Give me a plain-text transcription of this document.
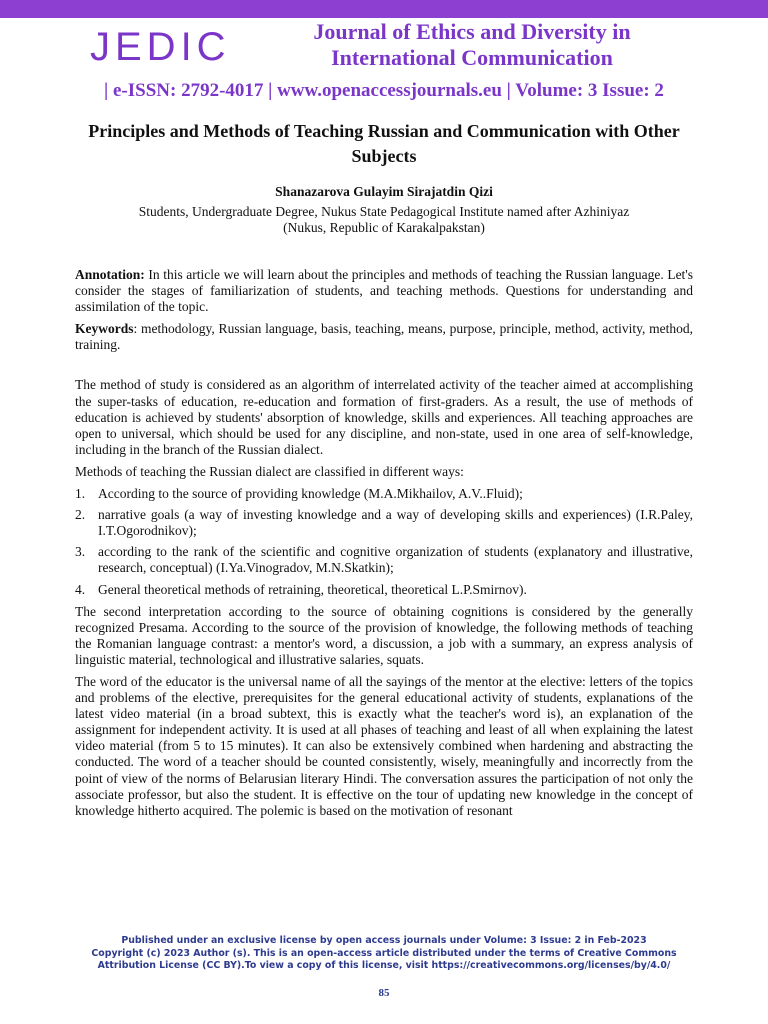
JEDIC	Journal of Ethics and Diversity in International Communication
| e-ISSN: 2792-4017 | www.openaccessjournals.eu | Volume: 3 Issue: 2
Principles and Methods of Teaching Russian and Communication with Other Subjects
Shanazarova Gulayim Sirajatdin Qizi
Students, Undergraduate Degree, Nukus State Pedagogical Institute named after Azhiniyaz
(Nukus, Republic of Karakalpakstan)

Annotation: In this article we will learn about the principles and methods of teaching the Russian language. Let's consider the stages of familiarization of students, and teaching methods. Questions for understanding and assimilation of the topic.

Keywords: methodology, Russian language, basis, teaching, means, purpose, principle, method, activity, method, training.

The method of study is considered as an algorithm of interrelated activity of the teacher aimed at accomplishing the super-tasks of education, re-education and formation of first-graders. As a result, the use of methods of education is achieved by students' absorption of knowledge, skills and experiences. All teaching approaches are open to universal, which should be used for any discipline, and non-state, used in one area of self-knowledge, including in the branch of the Russian dialect.

Methods of teaching the Russian dialect are classified in different ways:

1. According to the source of providing knowledge (M.A.Mikhailov, A.V..Fluid);
2. narrative goals (a way of investing knowledge and a way of developing skills and experiences) (I.R.Paley, I.T.Ogorodnikov);
3. according to the rank of the scientific and cognitive organization of students (explanatory and illustrative, research, conceptual) (I.Ya.Vinogradov, M.N.Skatkin);
4. General theoretical methods of retraining, theoretical, theoretical L.P.Smirnov).

The second interpretation according to the source of obtaining cognitions is considered by the generally recognized Presama. According to the source of the provision of knowledge, the following methods of teaching the Romanian language contrast: a mentor's word, a discussion, a job with a summary, an express analysis of linguistic material, technological and illustrative salaries, squats.

The word of the educator is the universal name of all the sayings of the mentor at the elective: letters of the topics and problems of the elective, prerequisites for the general educational activity of students, explanations of the latest video material (in a broad subtext, this is exactly what the teacher's word is), an explanation of the assignment for independent activity. It is used at all phases of teaching and least of all when explaining the latest video material (from 5 to 15 minutes). It can also be extensively combined when hardening and abstracting the conducted. The word of a teacher should be counted consistently, wisely, meaningfully and incorrectly from the point of view of the norms of Belarusian literary Hindi. The conversation assures the participation of not only the associate professor, but also the student. It is effective on the tour of updating new knowledge in the concept of knowledge hitherto acquired. The polemic is based on the motivation of resonant

Published under an exclusive license by open access journals under Volume: 3 Issue: 2 in Feb-2023
Copyright (c) 2023 Author (s). This is an open-access article distributed under the terms of Creative Commons
Attribution License (CC BY).To view a copy of this license, visit https://creativecommons.org/licenses/by/4.0/
85
